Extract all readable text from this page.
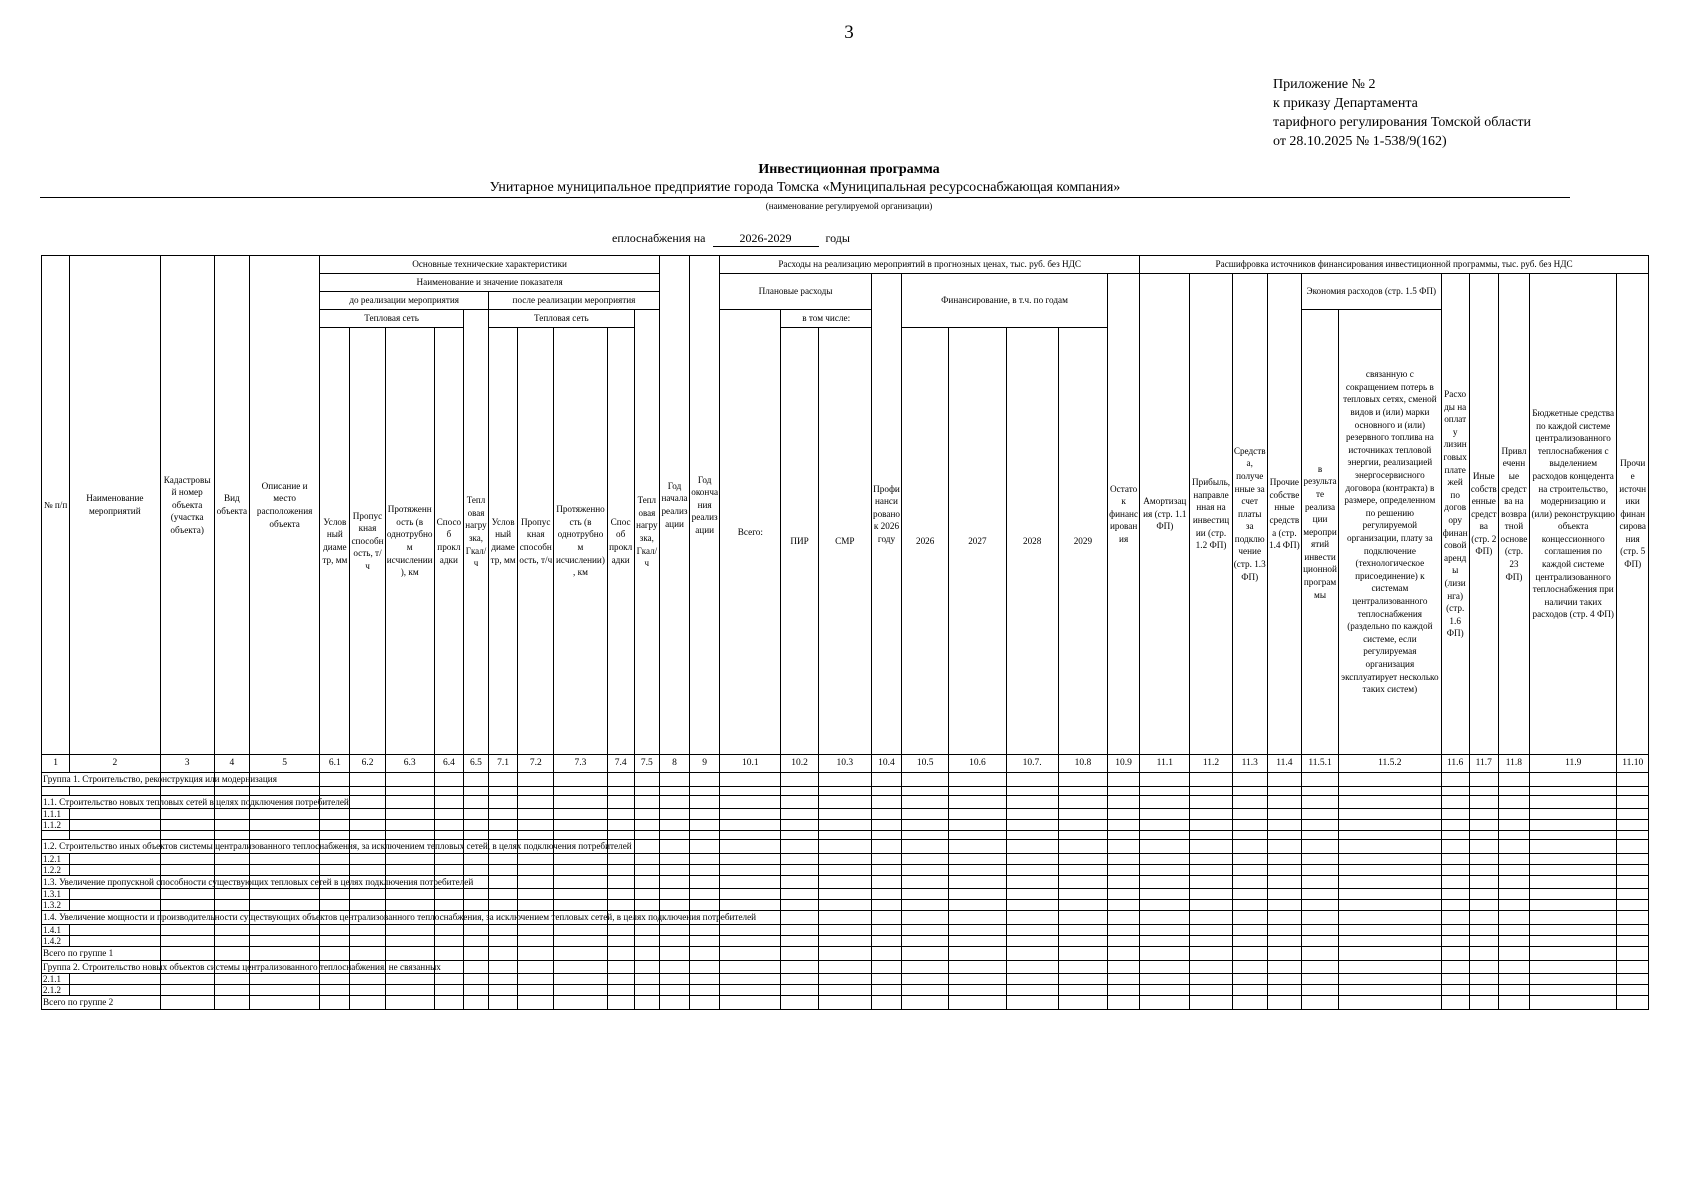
3
Приложение № 2
к приказу Департамента
тарифного регулирования Томской области
от 28.10.2025 № 1-538/9(162)
Инвестиционная программа
Унитарное муниципальное предприятие города Томска «Муниципальная ресурсоснабжающая компания»
(наименование регулируемой организации)
еплоснабжения на	2026-2029	годы
№ п/п	Наименование мероприятий	Кадастровый номер объекта (участка объекта)	Вид объекта	Описание и место расположения объекта	Основные технические характеристики										Год начала реализации	Год окончания реализации	Расходы на реализацию мероприятий в прогнозных ценах, тыс. руб. без НДС									Расшифровка источников финансирования инвестиционной программы, тыс. руб. без НДС										
					Наименование и значение показателя												Плановые расходы			Профинансировано к 2026 году	Финансирование, в т.ч. по годам				Остаток финансирования	Амортизация (стр. 1.1 ФП)	Прибыль, направленная на инвестиции (стр. 1.2 ФП)	Средства, полученные за счет платы за подключение (стр. 1.3 ФП)	Прочие собственные средства (стр. 1.4 ФП)	Экономия расходов (стр. 1.5 ФП)		Расходы на оплату лизинговых платежей по договору финансовой аренды (лизинга) (стр. 1.6 ФП)	Иные собственные средства (стр. 2 ФП)	Привлеченные средства на возвратной основе (стр. 23 ФП)	Бюджетные средства по каждой системе централизованного теплоснабжения с выделением расходов концедента на строительство, модернизацию и (или) реконструкцию объекта концессионного соглашения по каждой системе централизованного теплоснабжения при наличии таких расходов (стр. 4 ФП)	Прочие источники финансирования (стр. 5 ФП)
					до реализации мероприятия					после реализации мероприятия																										
					Тепловая сеть				Тепловая нагрузка, Гкал/ч	Тепловая сеть				Тепловая нагрузка, Гкал/ч			Всего:	в том числе:												в результате реализации мероприятий инвестиционной программы	связанную с сокращением потерь в тепловых сетях, сменой видов и (или) марки основного и (или) резервного топлива на источниках тепловой энергии, реализацией энергосервисного договора (контракта) в размере, определенном по решению регулируемой организации, плату за подключение (технологическое присоединение) к системам централизованного теплоснабжения (раздельно по каждой системе, если регулируемая организация эксплуатирует несколько таких систем)					
					Условный диаметр, мм	Пропускная способность, т/ч	Протяженность (в однотрубном исчислении), км	Способ прокладки		Условный диаметр, мм	Пропускная способность, т/ч	Протяженность (в однотрубном исчислении), км	Способ прокладки					ПИР	СМР		2026	2027	2028	2029												
1	2	3	4	5	6.1	6.2	6.3	6.4	6.5	7.1	7.2	7.3	7.4	7.5	8	9	10.1	10.2	10.3	10.4	10.5	10.6	10.7.	10.8	10.9	11.1	11.2	11.3	11.4	11.5.1	11.5.2	11.6	11.7	11.8	11.9	11.10
Группа 1. Строительство, реконструкция или модернизация																																				

1.1. Строительство новых тепловых сетей в целях подключения потребителей																																				
1.1.1																																				
1.1.2																																				

1.2. Строительство иных объектов системы централизованного теплоснабжения, за исключением тепловых сетей, в целях подключения потребителей																																				
1.2.1																																				
1.2.2																																				
1.3. Увеличение пропускной способности существующих тепловых сетей в целях подключения потребителей																																				
1.3.1																																				
1.3.2																																				
1.4. Увеличение мощности и производительности существующих объектов централизованного теплоснабжения, за исключением тепловых сетей, в целях подключения потребителей																																				
1.4.1																																				
1.4.2																																				
Всего по группе 1																																				
Группа 2. Строительство новых объектов системы централизованного теплоснабжения, не связанных																																				
2.1.1																																				
2.1.2																																				
Всего по группе 2																																				
